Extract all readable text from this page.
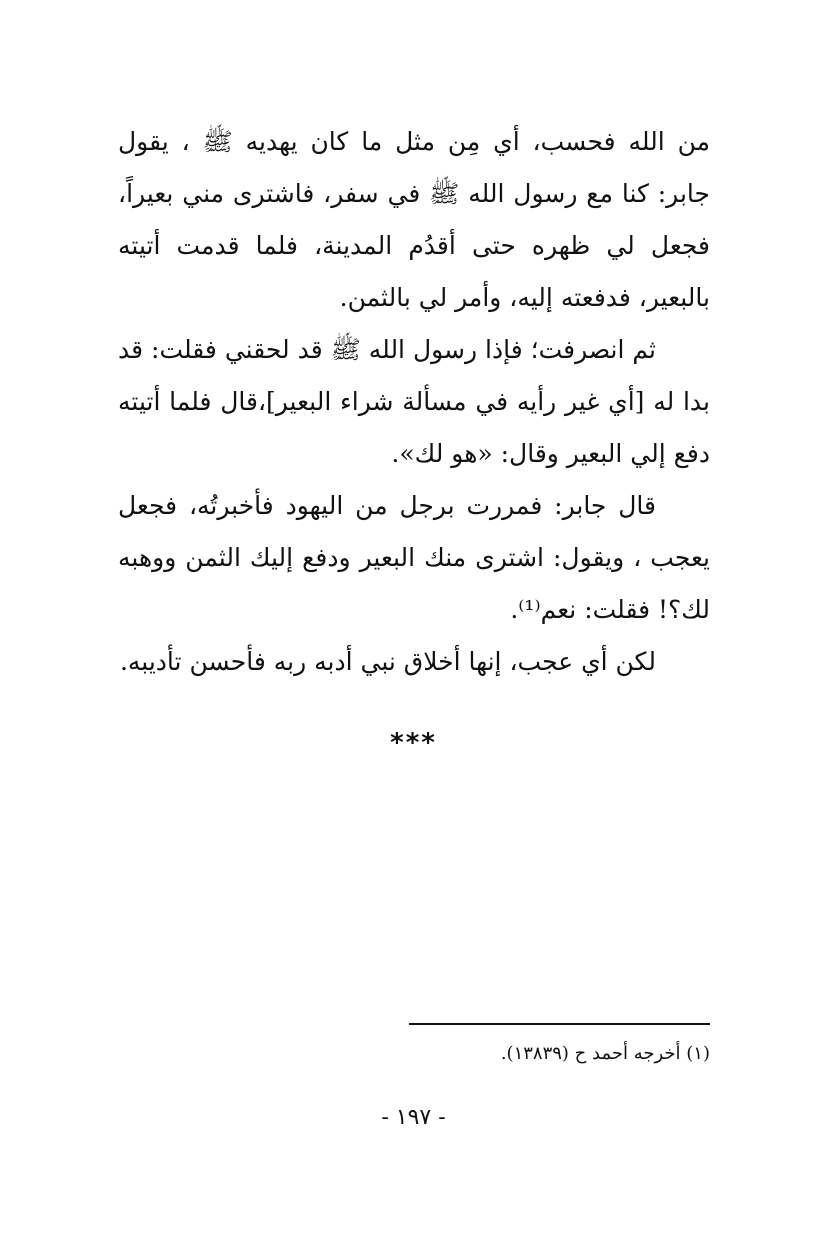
من الله فحسب، أي مِن مثل ما كان يهديه ﷺ ، يقول جابر: كنا مع رسول الله ﷺ في سفر، فاشترى مني بعيراً، فجعل لي ظهره حتى أقدُم المدينة، فلما قدمت أتيته بالبعير، فدفعته إليه، وأمر لي بالثمن.

ثم انصرفت؛ فإذا رسول الله ﷺ قد لحقني فقلت: قد بدا له [أي غير رأيه في مسألة شراء البعير]،قال فلما أتيته دفع إلي البعير وقال: «هو لك».

قال جابر: فمررت برجل من اليهود فأخبرتُه، فجعل يعجب ، ويقول: اشترى منك البعير ودفع إليك الثمن ووهبه لك؟! فقلت: نعم⁽¹⁾.

لكن أي عجب، إنها أخلاق نبي أدبه ربه فأحسن تأديبه.

***
(١) أخرجه أحمد ح (١٣٨٣٩).
- ١٩٧ -
